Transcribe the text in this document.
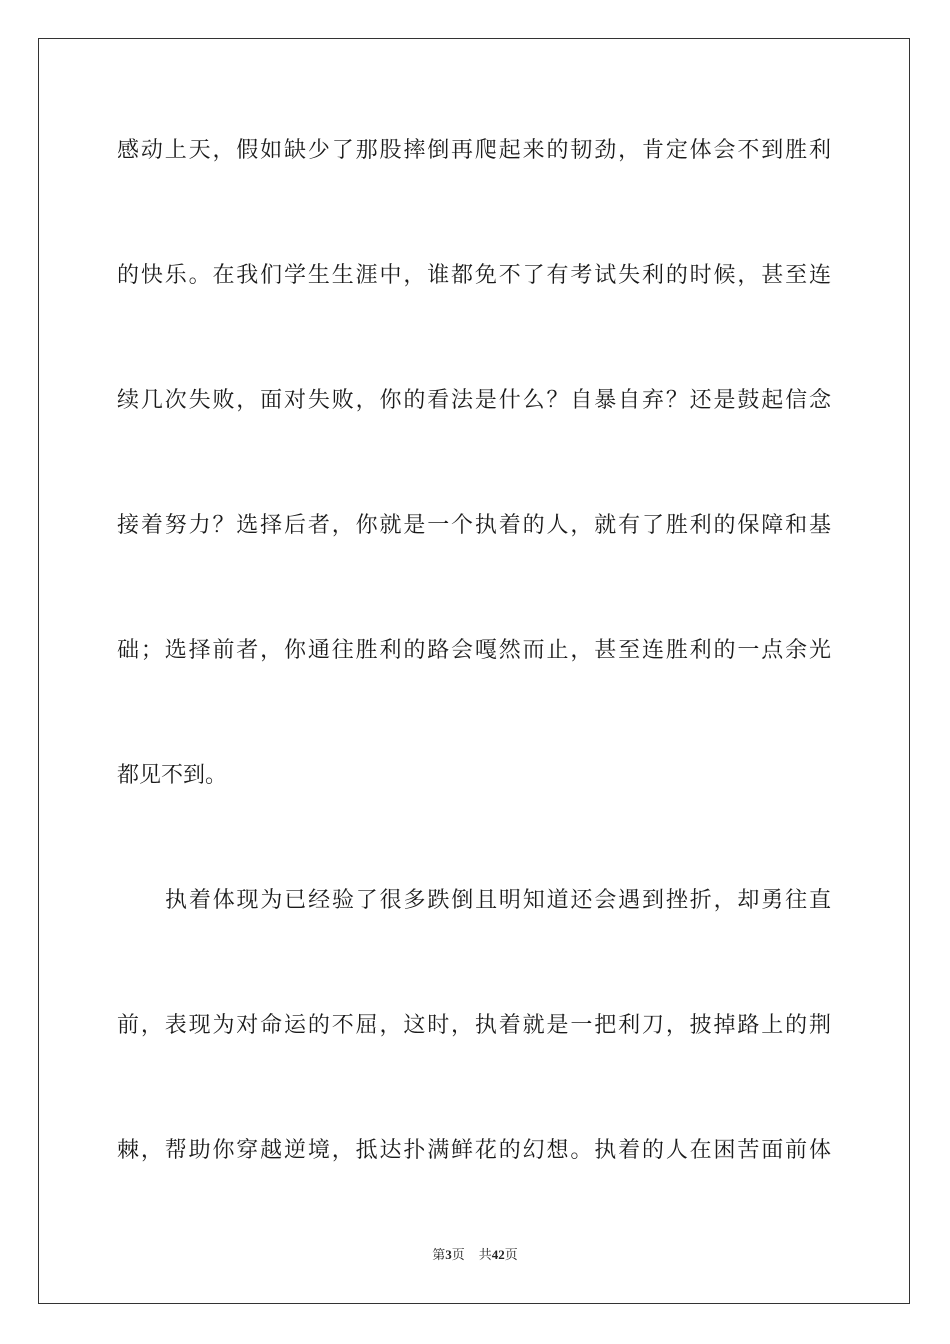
感动上天，假如缺少了那股摔倒再爬起来的韧劲，肯定体会不到胜利
的快乐。在我们学生生涯中，谁都免不了有考试失利的时候，甚至连
续几次失败，面对失败，你的看法是什么？自暴自弃？还是鼓起信念
接着努力？选择后者，你就是一个执着的人，就有了胜利的保障和基
础；选择前者，你通往胜利的路会嘎然而止，甚至连胜利的一点余光
都见不到。
执着体现为已经验了很多跌倒且明知道还会遇到挫折，却勇往直
前，表现为对命运的不屈，这时，执着就是一把利刀，披掉路上的荆
棘，帮助你穿越逆境，抵达扑满鲜花的幻想。执着的人在困苦面前体
第3页 共42页
